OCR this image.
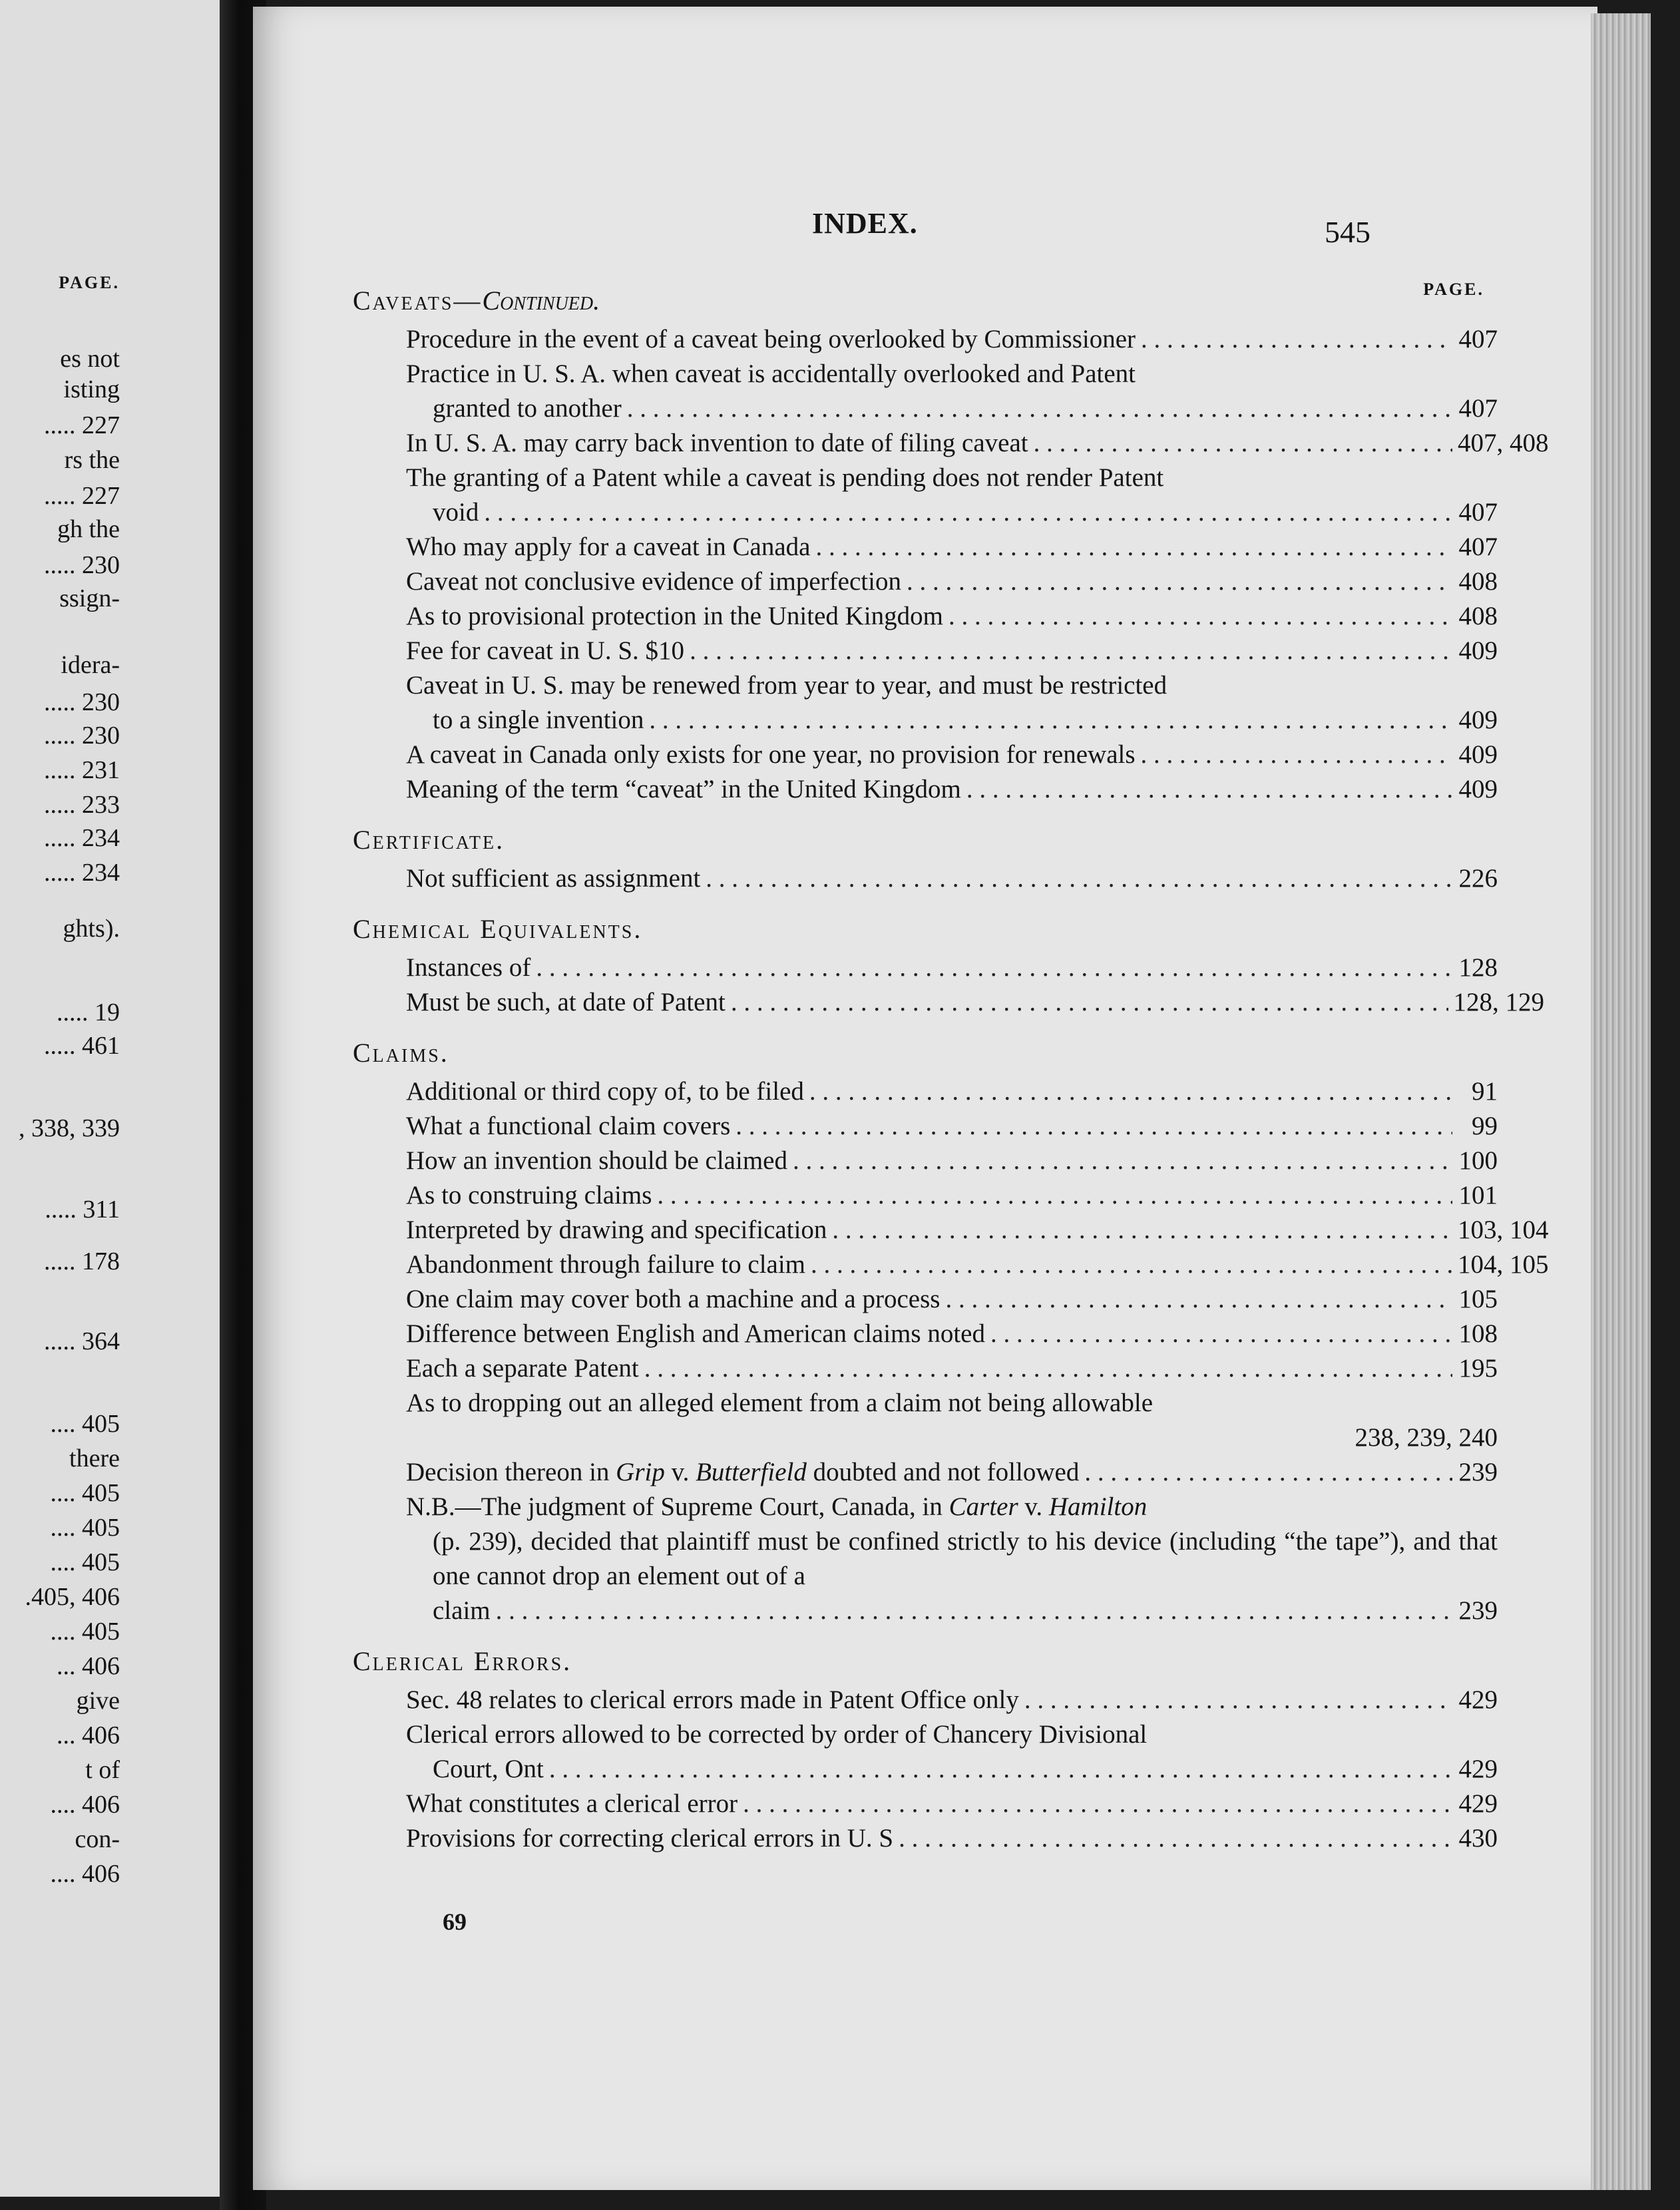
PAGE.

es not

isting

..... 227

rs the

..... 227

gh the

..... 230

ssign-

idera-

..... 230

..... 230

..... 231

..... 233

..... 234

..... 234

ghts).

..... 19

..... 461

, 338, 339

..... 311

..... 178

..... 364

.... 405

there

.... 405

.... 405

.... 405

.405, 406

.... 405

... 406

give

... 406

t of

.... 406

con-

.... 406

INDEX.	545

PAGE.

Caveats—Continued.

Procedure in the event of a caveat being overlooked by Commissioner . . .	407
Practice in U. S. A. when caveat is accidentally overlooked and Patent
granted to another . . .	407
In U. S. A. may carry back invention to date of filing caveat . . .	407, 408
The granting of a Patent while a caveat is pending does not render Patent
void . . .	407
Who may apply for a caveat in Canada . . .	407
Caveat not conclusive evidence of imperfection . . .	408
As to provisional protection in the United Kingdom . . .	408
Fee for caveat in U. S. $10 . . .	409
Caveat in U. S. may be renewed from year to year, and must be restricted
to a single invention . . .	409
A caveat in Canada only exists for one year, no provision for renewals . . .	409
Meaning of the term “caveat” in the United Kingdom . . .	409

Certificate.

Not sufficient as assignment . . .	226

Chemical Equivalents.

Instances of . . .	128
Must be such, at date of Patent . . .	128, 129

Claims.

Additional or third copy of, to be filed . . .	91
What a functional claim covers . . .	99
How an invention should be claimed . . .	100
As to construing claims . . .	101
Interpreted by drawing and specification . . .	103, 104
Abandonment through failure to claim . . .	104, 105
One claim may cover both a machine and a process . . .	105
Difference between English and American claims noted . . .	108
Each a separate Patent . . .	195
As to dropping out an alleged element from a claim not being allowable
238, 239, 240
Decision thereon in Grip v. Butterfield doubted and not followed . . .	239
N.B.—The judgment of Supreme Court, Canada, in Carter v. Hamilton
(p. 239), decided that plaintiff must be confined strictly to his device (including “the tape”), and that one cannot drop an element out of a
claim . . .	239

Clerical Errors.

Sec. 48 relates to clerical errors made in Patent Office only . . .	429
Clerical errors allowed to be corrected by order of Chancery Divisional
Court, Ont . . .	429
What constitutes a clerical error . . .	429
Provisions for correcting clerical errors in U. S . . .	430

69
